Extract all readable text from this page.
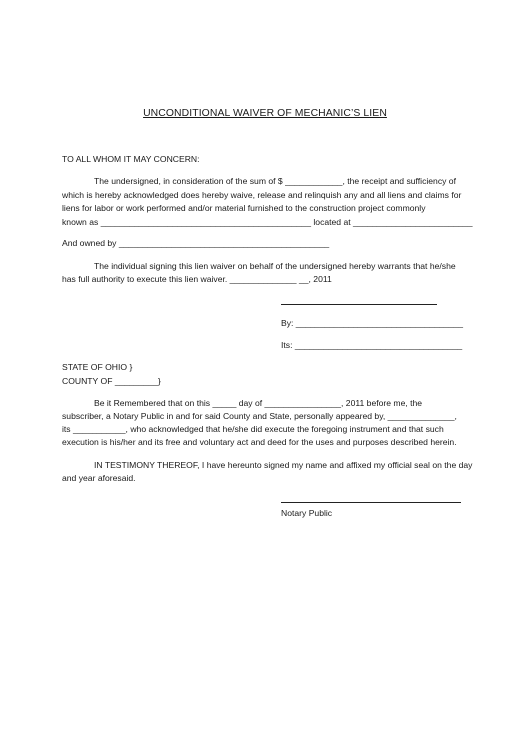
UNCONDITIONAL WAIVER OF MECHANIC’S LIEN
TO ALL WHOM IT MAY CONCERN:
The undersigned, in consideration of the sum of $ ____________, the receipt and sufficiency of
which is hereby acknowledged does hereby waive, release and relinquish any and all liens and claims for
liens for labor or work performed and/or material furnished to the construction project commonly
known as ____________________________________________ located at _________________________
And owned by ____________________________________________
The individual signing this lien waiver on behalf of the undersigned hereby warrants that he/she
has full authority to execute this lien waiver. ______________ __, 2011
By: ___________________________________
Its: ___________________________________
STATE OF OHIO }
COUNTY OF _________}
Be it Remembered that on this _____ day of ________________, 2011 before me, the
subscriber, a Notary Public in and for said County and State, personally appeared by, ______________,
its ___________, who acknowledged that he/she did execute the foregoing instrument and that such
execution is his/her and its free and voluntary act and deed for the uses and purposes described herein.
IN TESTIMONY THEREOF, I have hereunto signed my name and affixed my official seal on the day
and year aforesaid.
Notary Public
